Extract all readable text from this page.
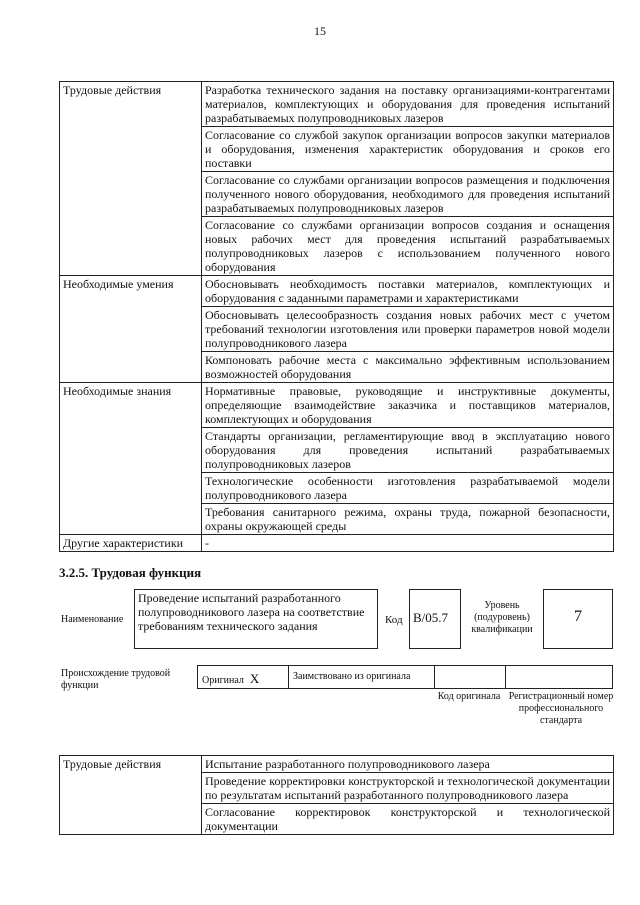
15
Трудовые действия	Разработка технического задания на поставку организациями-контрагентами материалов, комплектующих и оборудования для проведения испытаний разрабатываемых полупроводниковых лазеров
	Согласование со службой закупок организации вопросов закупки материалов и оборудования, изменения характеристик оборудования и сроков его поставки
	Согласование со службами организации вопросов размещения и подключения полученного нового оборудования, необходимого для проведения испытаний разрабатываемых полупроводниковых лазеров
	Согласование со службами организации вопросов создания и оснащения новых рабочих мест для проведения испытаний разрабатываемых полупроводниковых лазеров с использованием полученного нового оборудования
Необходимые умения	Обосновывать необходимость поставки материалов, комплектующих и оборудования с заданными параметрами и характеристиками
	Обосновывать целесообразность создания новых рабочих мест с учетом требований технологии изготовления или проверки параметров новой модели полупроводникового лазера
	Компоновать рабочие места с максимально эффективным использованием возможностей оборудования
Необходимые знания	Нормативные правовые, руководящие и инструктивные документы, определяющие взаимодействие заказчика и поставщиков материалов, комплектующих и оборудования
	Стандарты организации, регламентирующие ввод в эксплуатацию нового оборудования для проведения испытаний разрабатываемых полупроводниковых лазеров
	Технологические особенности изготовления разрабатываемой модели полупроводникового лазера
	Требования санитарного режима, охраны труда, пожарной безопасности, охраны окружающей среды
Другие характеристики	-
3.2.5. Трудовая функция
Наименование
Проведение испытаний разработанного полупроводникового лазера на соответствие требованиям технического задания	Код B/05.7
Уровень (подуровень) квалификации
7
Происхождение трудовой функции	Оригинал X	Заимствовано из оригинала
Код оригинала Регистрационный номер профессионального стандарта
Трудовые действия	Испытание разработанного полупроводникового лазера
Проведение корректировки конструкторской и технологической документации по результатам испытаний разработанного полупроводникового лазера
Согласование корректировок конструкторской и технологической документации
